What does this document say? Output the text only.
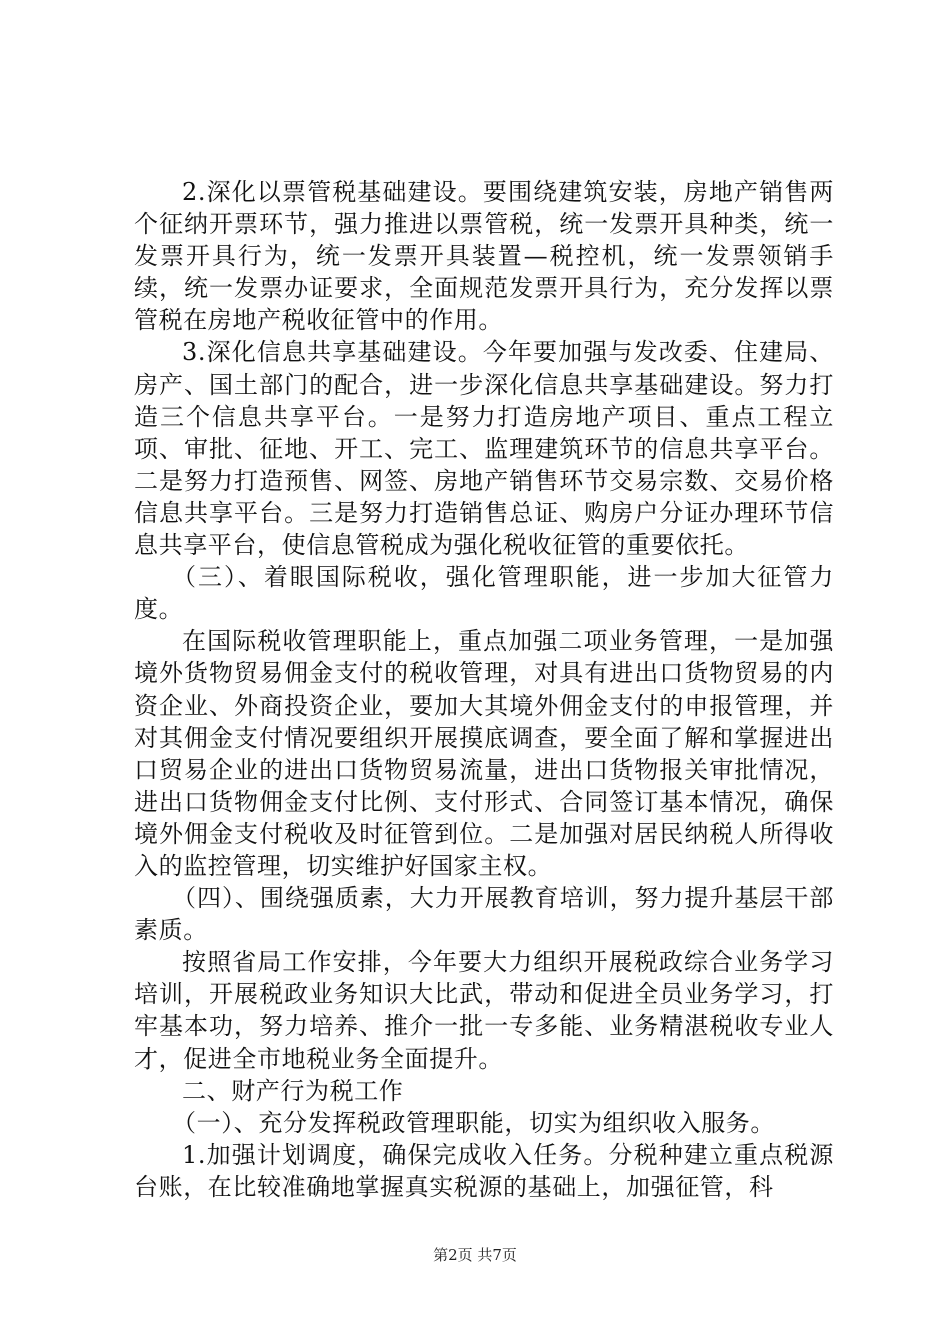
2.深化以票管税基础建设。要围绕建筑安装，房地产销售两个征纳开票环节，强力推进以票管税，统一发票开具种类，统一发票开具行为，统一发票开具装置—税控机，统一发票领销手续，统一发票办证要求，全面规范发票开具行为，充分发挥以票管税在房地产税收征管中的作用。

3.深化信息共享基础建设。今年要加强与发改委、住建局、房产、国土部门的配合，进一步深化信息共享基础建设。努力打造三个信息共享平台。一是努力打造房地产项目、重点工程立项、审批、征地、开工、完工、监理建筑环节的信息共享平台。二是努力打造预售、网签、房地产销售环节交易宗数、交易价格信息共享平台。三是努力打造销售总证、购房户分证办理环节信息共享平台，使信息管税成为强化税收征管的重要依托。

（三）、着眼国际税收，强化管理职能，进一步加大征管力度。

在国际税收管理职能上，重点加强二项业务管理，一是加强境外货物贸易佣金支付的税收管理，对具有进出口货物贸易的内资企业、外商投资企业，要加大其境外佣金支付的申报管理，并对其佣金支付情况要组织开展摸底调查，要全面了解和掌握进出口贸易企业的进出口货物贸易流量，进出口货物报关审批情况，进出口货物佣金支付比例、支付形式、合同签订基本情况，确保境外佣金支付税收及时征管到位。二是加强对居民纳税人所得收入的监控管理，切实维护好国家主权。

（四）、围绕强质素，大力开展教育培训，努力提升基层干部素质。

按照省局工作安排，今年要大力组织开展税政综合业务学习培训，开展税政业务知识大比武，带动和促进全员业务学习，打牢基本功，努力培养、推介一批一专多能、业务精湛税收专业人才，促进全市地税业务全面提升。

二、财产行为税工作

（一）、充分发挥税政管理职能，切实为组织收入服务。

1.加强计划调度，确保完成收入任务。分税种建立重点税源台账，在比较准确地掌握真实税源的基础上，加强征管，科

第2页 共7页
